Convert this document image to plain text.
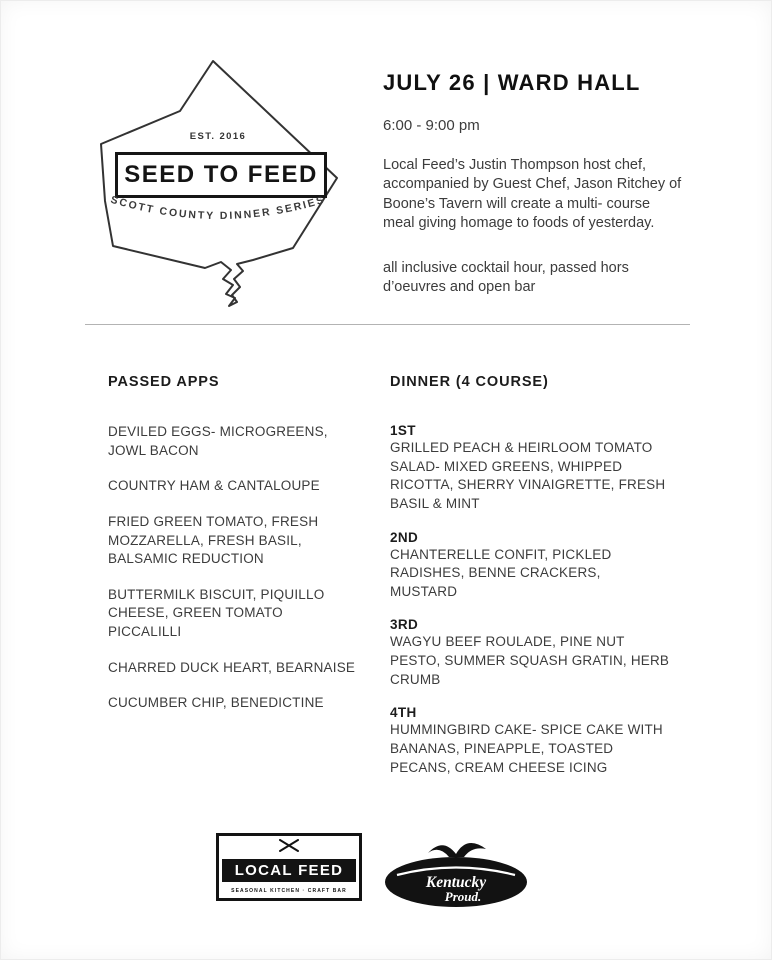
EST. 2016
SEED TO FEED
SCOTT COUNTY DINNER SERIES
JULY 26 | WARD HALL
6:00 - 9:00 pm

Local Feed’s Justin Thompson host chef, accompanied by Guest Chef, Jason Ritchey of Boone’s Tavern will create a multi- course meal giving homage to foods of yesterday.

all inclusive cocktail hour, passed hors d’oeuvres and open bar

PASSED APPS

DEVILED EGGS- MICROGREENS, JOWL BACON

COUNTRY HAM & CANTALOUPE

FRIED GREEN TOMATO, FRESH MOZZARELLA, FRESH BASIL, BALSAMIC REDUCTION

BUTTERMILK BISCUIT, PIQUILLO CHEESE, GREEN TOMATO PICCALILLI

CHARRED DUCK HEART, BEARNAISE

CUCUMBER CHIP, BENEDICTINE

DINNER (4 COURSE)
1ST
GRILLED PEACH & HEIRLOOM TOMATO SALAD- MIXED GREENS, WHIPPED RICOTTA, SHERRY VINAIGRETTE, FRESH BASIL & MINT
2ND
CHANTERELLE CONFIT, PICKLED RADISHES, BENNE CRACKERS, MUSTARD
3RD
WAGYU BEEF ROULADE, PINE NUT PESTO, SUMMER SQUASH GRATIN, HERB CRUMB
4TH
HUMMINGBIRD CAKE- SPICE CAKE WITH BANANAS, PINEAPPLE, TOASTED PECANS, CREAM CHEESE ICING
LOCAL FEED
SEASONAL KITCHEN · CRAFT BAR	Kentucky
Proud.
